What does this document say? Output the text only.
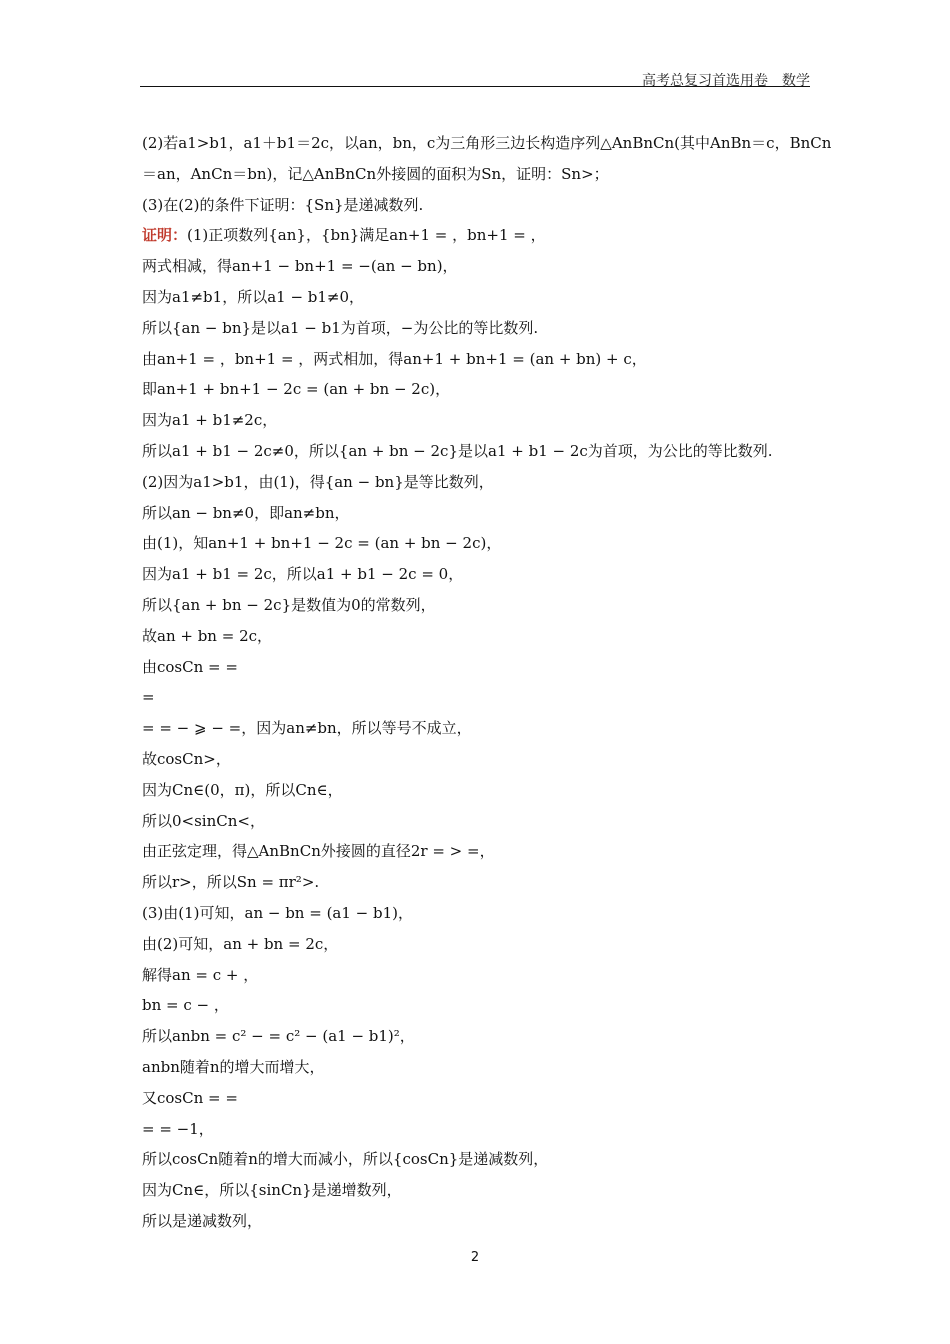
高考总复习首选用卷　数学
(2)若a1>b1，a1＋b1＝2c，以an，bn，c为三角形三边长构造序列△AnBnCn(其中AnBn＝c，BnCn
＝an，AnCn＝bn)，记△AnBnCn外接圆的面积为Sn，证明：Sn>；
(3)在(2)的条件下证明：{Sn}是递减数列.
证明：(1)正项数列{an}，{bn}满足an+1 = ，bn+1 = ，
两式相减，得an+1 − bn+1 = −(an − bn)，
因为a1≠b1，所以a1 − b1≠0，
所以{an − bn}是以a1 − b1为首项，−为公比的等比数列.
由an+1 = ，bn+1 = ，两式相加，得an+1 + bn+1 = (an + bn) + c，
即an+1 + bn+1 − 2c = (an + bn − 2c)，
因为a1 + b1≠2c，
所以a1 + b1 − 2c≠0，所以{an + bn − 2c}是以a1 + b1 − 2c为首项，为公比的等比数列.
(2)因为a1>b1，由(1)，得{an − bn}是等比数列，
所以an − bn≠0，即an≠bn，
由(1)，知an+1 + bn+1 − 2c = (an + bn − 2c)，
因为a1 + b1 = 2c，所以a1 + b1 − 2c = 0，
所以{an + bn − 2c}是数值为0的常数列，
故an + bn = 2c，
由cosCn = =
=
= = − ⩾ − =，因为an≠bn，所以等号不成立，
故cosCn>，
因为Cn∈(0，π)，所以Cn∈，
所以0<sinCn<，
由正弦定理，得△AnBnCn外接圆的直径2r = > =，
所以r>，所以Sn = πr²>.
(3)由(1)可知，an − bn = (a1 − b1)，
由(2)可知，an + bn = 2c，
解得an = c + ，
bn = c − ，
所以anbn = c² − = c² − (a1 − b1)²，
anbn随着n的增大而增大，
又cosCn = =
= = −1，
所以cosCn随着n的增大而减小，所以{cosCn}是递减数列，
因为Cn∈，所以{sinCn}是递增数列，
所以是递减数列，
2
